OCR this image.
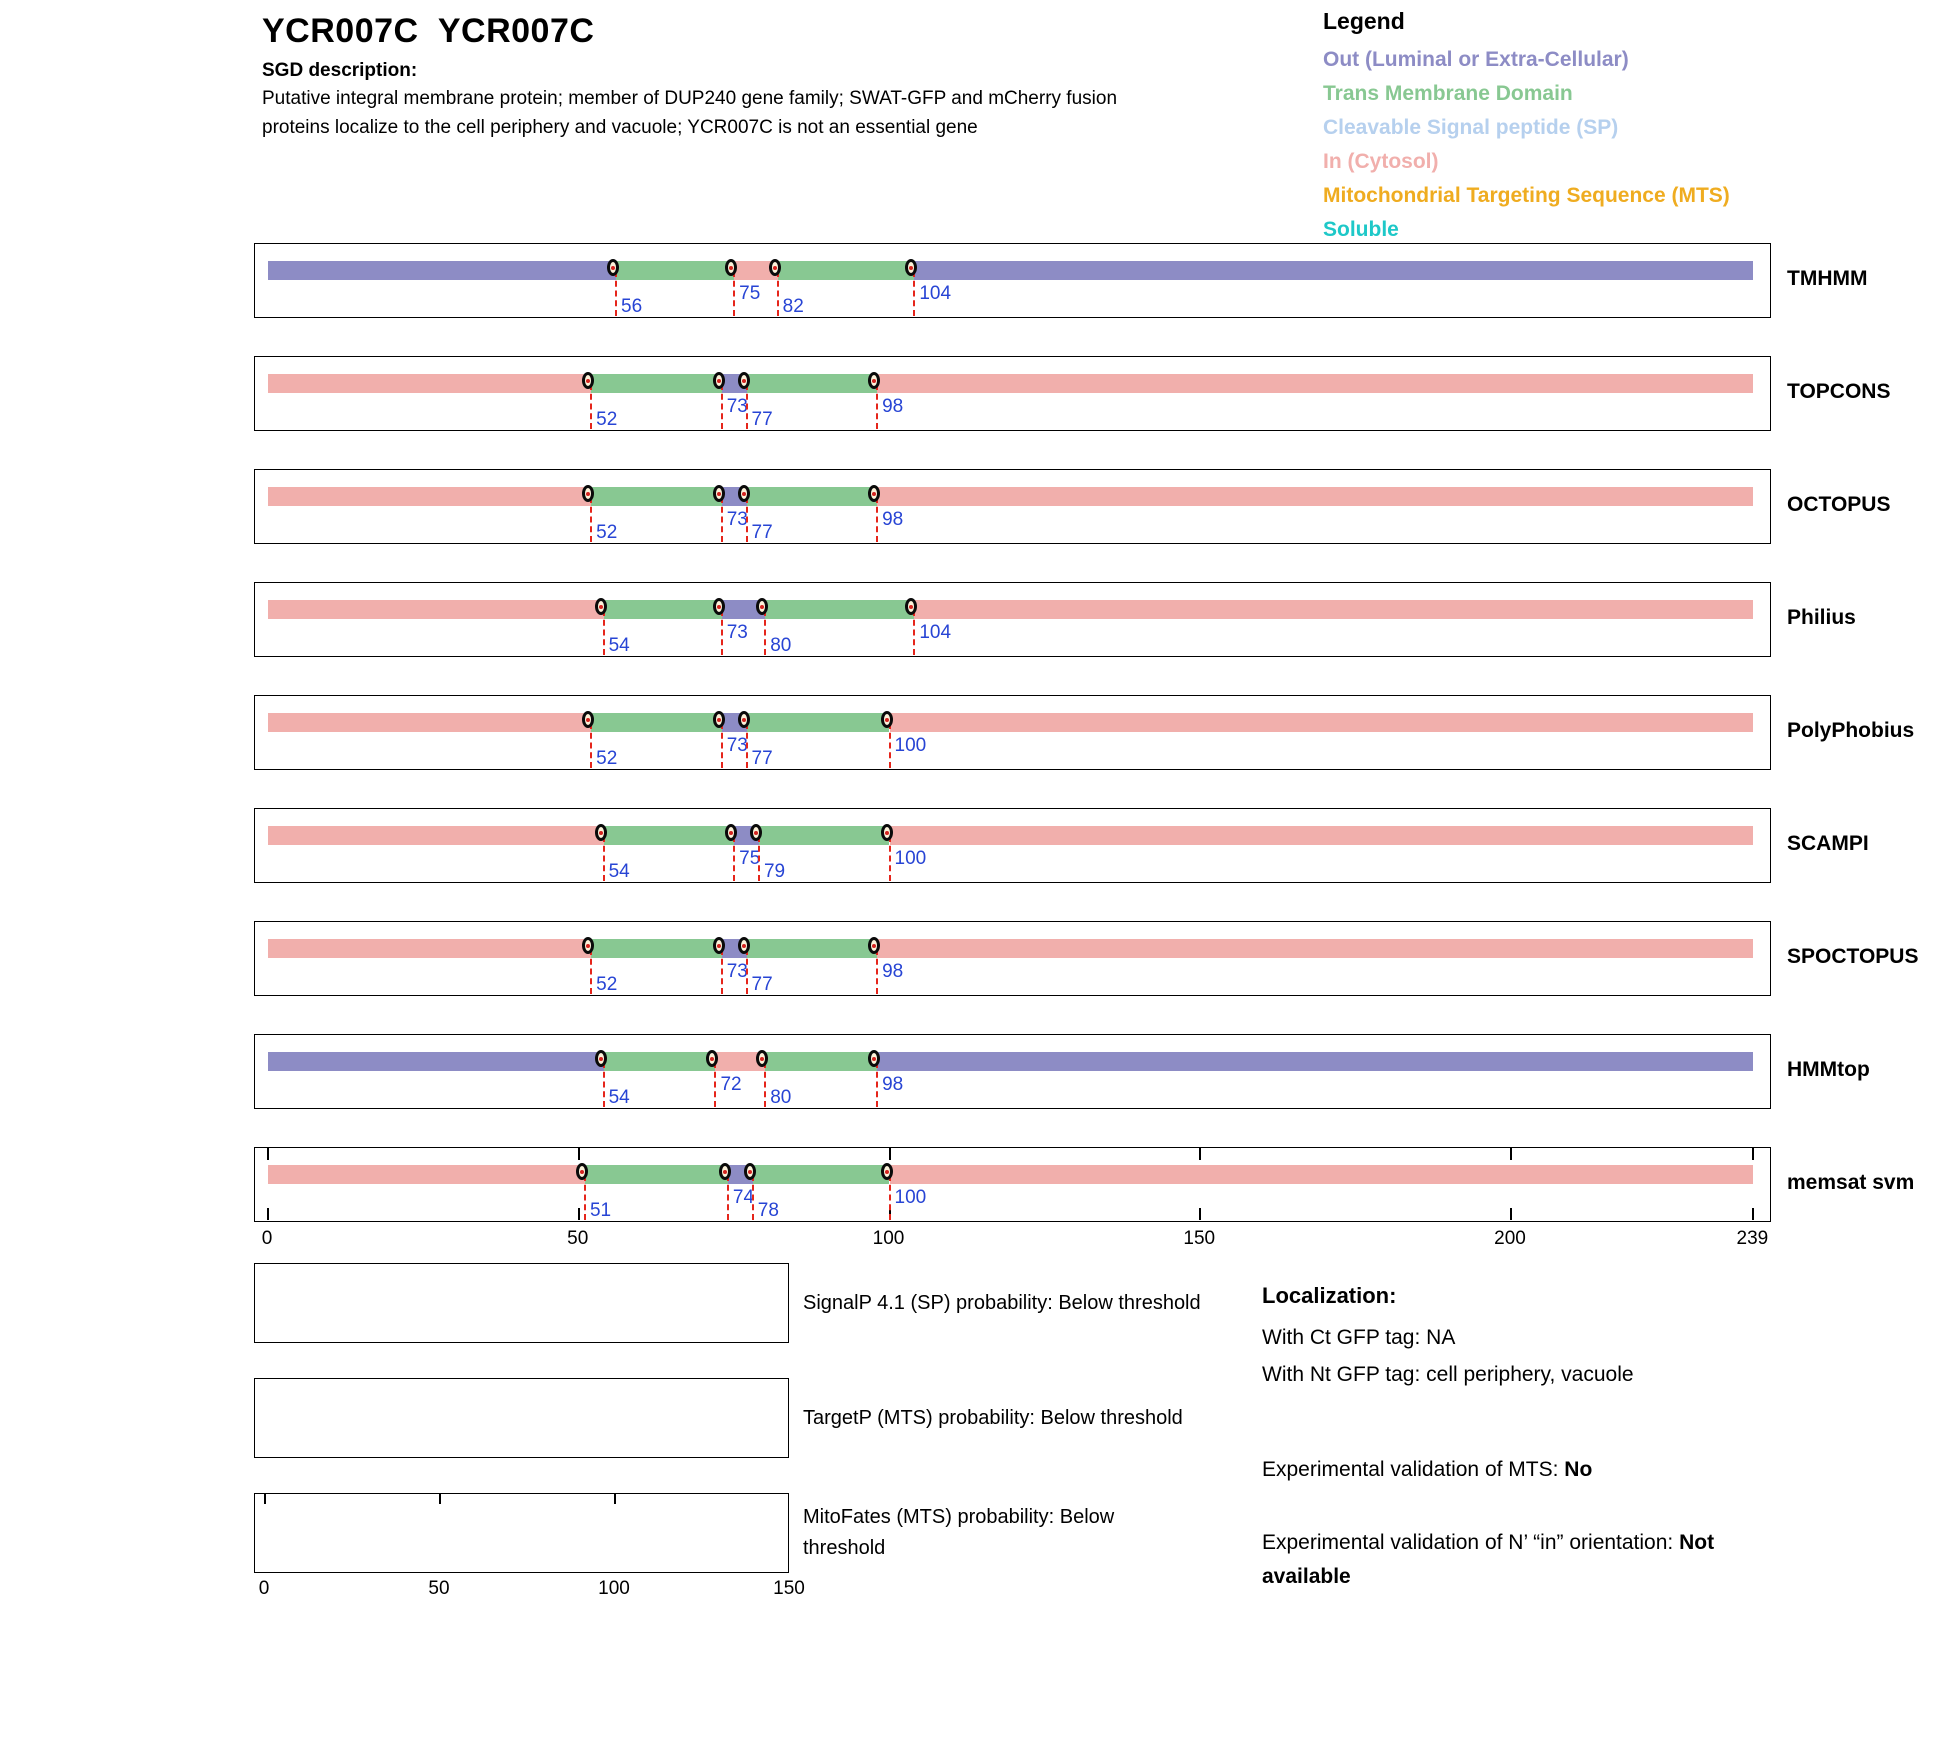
YCR007C  YCR007C
SGD description:
Putative integral membrane protein; member of DUP240 gene family; SWAT-GFP and mCherry fusion
proteins localize to the cell periphery and vacuole; YCR007C is not an essential gene
Legend
Out (Luminal or Extra-Cellular)
Trans Membrane Domain
Cleavable Signal peptide (SP)
In (Cytosol)
Mitochondrial Targeting Sequence (MTS)
Soluble
56
75
82
104
TMHMM
52
73
77
98
TOPCONS
52
73
77
98
OCTOPUS
54
73
80
104
Philius
52
73
77
100
PolyPhobius
54
75
79
100
SCAMPI
52
73
77
98
SPOCTOPUS
54
72
80
98
HMMtop
51
74
78
100
memsat svm
0	50	100	150	200	239
SignalP 4.1 (SP) probability: Below threshold
TargetP (MTS) probability: Below threshold
MitoFates (MTS) probability: Below
threshold
0	50	100	150
Localization:
With Ct GFP tag: NA
With Nt GFP tag: cell periphery, vacuole
Experimental validation of MTS: No
Experimental validation of N’ “in” orientation: Not available
